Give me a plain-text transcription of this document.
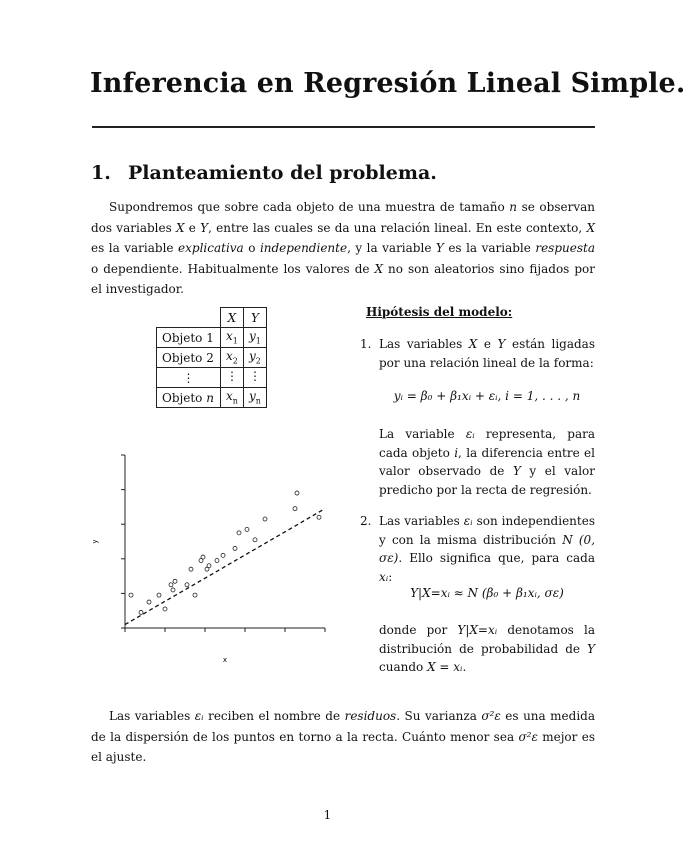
Inferencia en Regresión Lineal Simple.
1. Planteamiento del problema.
Supondremos que sobre cada objeto de una muestra de tamaño n se observan dos variables X e Y, entre las cuales se da una relación lineal. En este contexto, X es la variable explicativa o independiente, y la variable Y es la variable respuesta o dependiente. Habitualmente los valores de X no son aleatorios sino fijados por el investigador.
	X	Y
Objeto 1	$x_1$	$y_1$
Objeto 2	$x_2$	$y_2$
⋮	⋮	⋮
Objeto n	$x_n$	$y_n$
Hipótesis del modelo:
1. Las variables X e Y están ligadas por una relación lineal de la forma:
yᵢ = β₀ + β₁xᵢ + εᵢ, i = 1, . . . , n
La variable εᵢ representa, para cada objeto i, la diferencia entre el valor observado de Y y el valor predicho por la recta de regresión.
2. Las variables εᵢ son independientes y con la misma distribución N (0, σε). Ello significa que, para cada xᵢ:
Y|X=xᵢ ≈ N (β₀ + β₁xᵢ, σε)
donde por Y|X=xᵢ denotamos la distribución de probabilidad de Y cuando X = xᵢ.
x
y
Las variables εᵢ reciben el nombre de residuos. Su varianza σ²ε es una medida de la dispersión de los puntos en torno a la recta. Cuánto menor sea σ²ε mejor es el ajuste.
1
